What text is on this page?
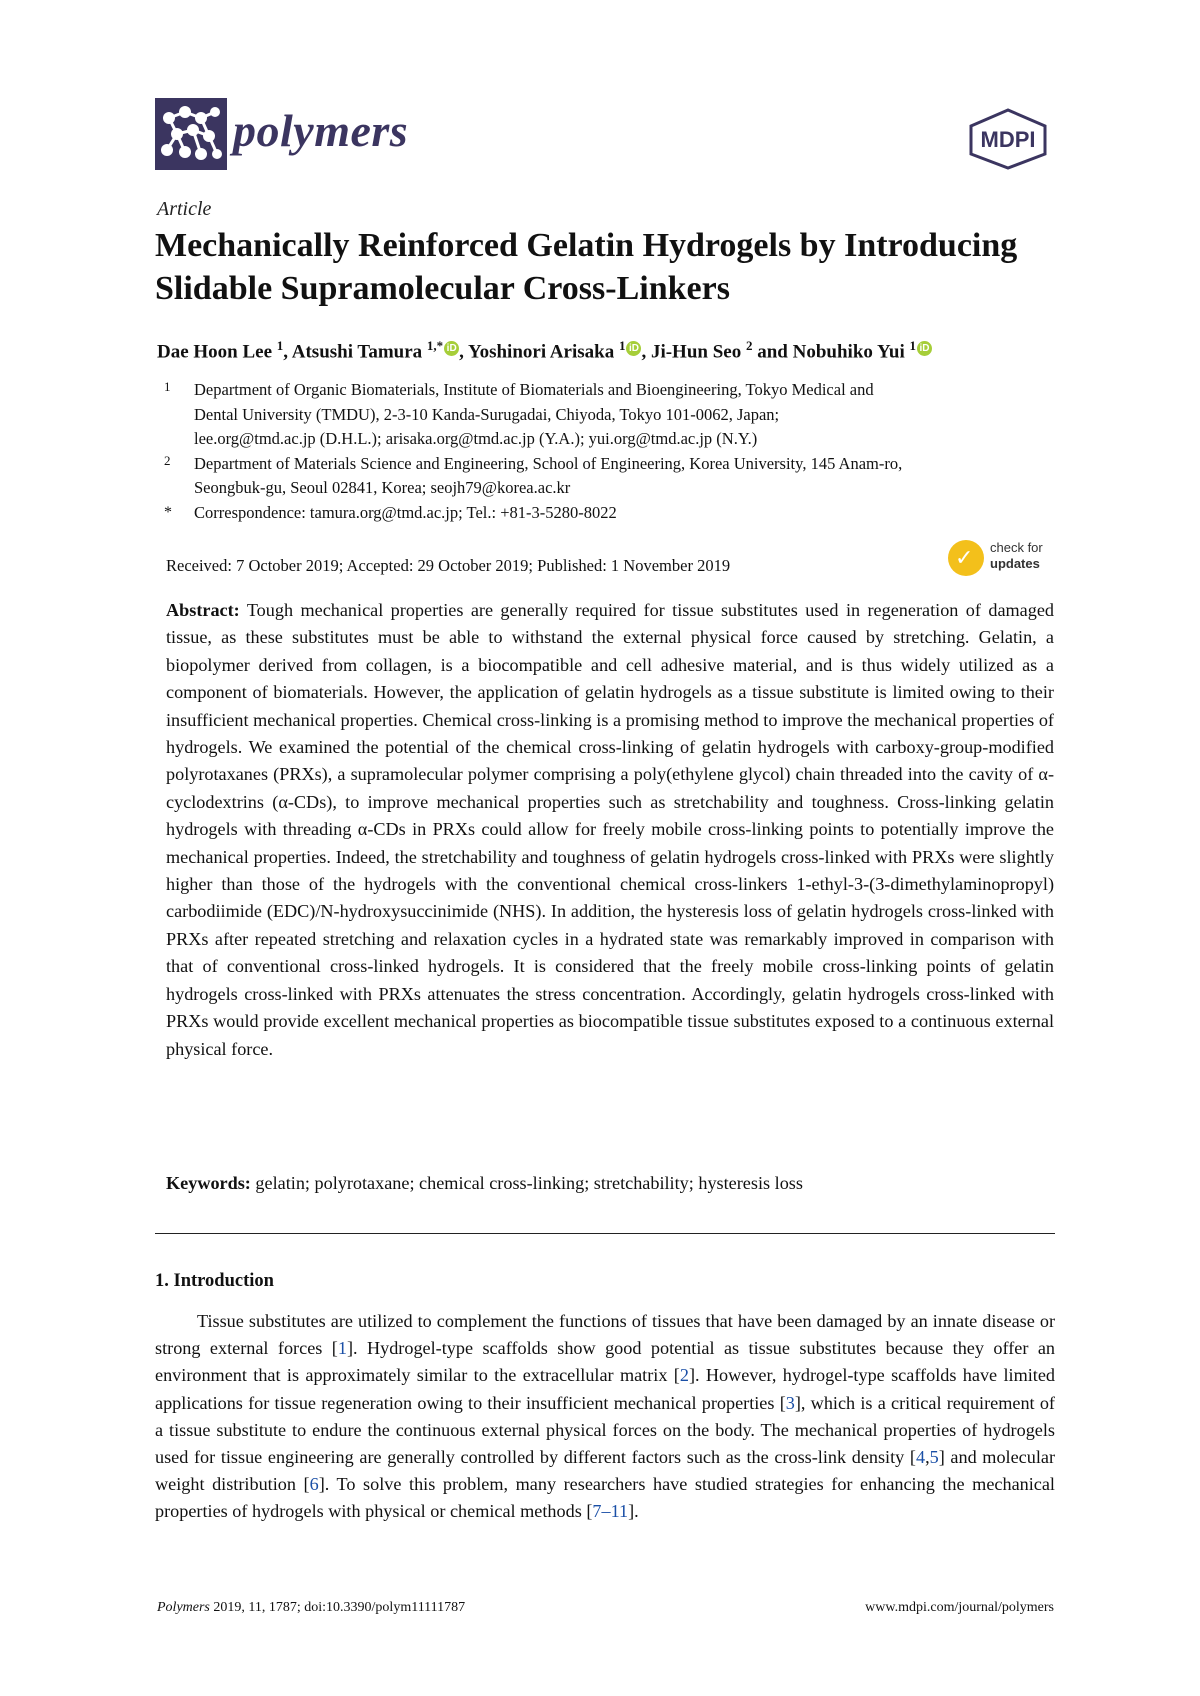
polymers	MDPI
Article
Mechanically Reinforced Gelatin Hydrogels by Introducing Slidable Supramolecular Cross-Linkers
Dae Hoon Lee $^1$, Atsushi Tamura $^{1,*}$ iD , Yoshinori Arisaka $^1$ iD , Ji-Hun Seo $^2$ and Nobuhiko Yui $^1$ iD
1 Department of Organic Biomaterials, Institute of Biomaterials and Bioengineering, Tokyo Medical and
Dental University (TMDU), 2-3-10 Kanda-Surugadai, Chiyoda, Tokyo 101-0062, Japan;
lee.org@tmd.ac.jp (D.H.L.); arisaka.org@tmd.ac.jp (Y.A.); yui.org@tmd.ac.jp (N.Y.)
2 Department of Materials Science and Engineering, School of Engineering, Korea University, 145 Anam-ro,
Seongbuk-gu, Seoul 02841, Korea; seojh79@korea.ac.kr
* Correspondence: tamura.org@tmd.ac.jp; Tel.: +81-3-5280-8022
Received: 7 October 2019; Accepted: 29 October 2019; Published: 1 November 2019	✓ check for
updates

Abstract: Tough mechanical properties are generally required for tissue substitutes used in regeneration of damaged tissue, as these substitutes must be able to withstand the external physical force caused by stretching. Gelatin, a biopolymer derived from collagen, is a biocompatible and cell adhesive material, and is thus widely utilized as a component of biomaterials. However, the application of gelatin hydrogels as a tissue substitute is limited owing to their insufficient mechanical properties. Chemical cross-linking is a promising method to improve the mechanical properties of hydrogels. We examined the potential of the chemical cross-linking of gelatin hydrogels with carboxy-group-modified polyrotaxanes (PRXs), a supramolecular polymer comprising a poly(ethylene glycol) chain threaded into the cavity of α-cyclodextrins (α-CDs), to improve mechanical properties such as stretchability and toughness. Cross-linking gelatin hydrogels with threading α-CDs in PRXs could allow for freely mobile cross-linking points to potentially improve the mechanical properties. Indeed, the stretchability and toughness of gelatin hydrogels cross-linked with PRXs were slightly higher than those of the hydrogels with the conventional chemical cross-linkers 1-ethyl-3-(3-dimethylaminopropyl) carbodiimide (EDC)/N-hydroxysuccinimide (NHS). In addition, the hysteresis loss of gelatin hydrogels cross-linked with PRXs after repeated stretching and relaxation cycles in a hydrated state was remarkably improved in comparison with that of conventional cross-linked hydrogels. It is considered that the freely mobile cross-linking points of gelatin hydrogels cross-linked with PRXs attenuates the stress concentration. Accordingly, gelatin hydrogels cross-linked with PRXs would provide excellent mechanical properties as biocompatible tissue substitutes exposed to a continuous external physical force.

Keywords: gelatin; polyrotaxane; chemical cross-linking; stretchability; hysteresis loss
1. Introduction

Tissue substitutes are utilized to complement the functions of tissues that have been damaged by an innate disease or strong external forces [1]. Hydrogel-type scaffolds show good potential as tissue substitutes because they offer an environment that is approximately similar to the extracellular matrix [2]. However, hydrogel-type scaffolds have limited applications for tissue regeneration owing to their insufficient mechanical properties [3], which is a critical requirement of a tissue substitute to endure the continuous external physical forces on the body. The mechanical properties of hydrogels used for tissue engineering are generally controlled by different factors such as the cross-link density [4,5] and molecular weight distribution [6]. To solve this problem, many researchers have studied strategies for enhancing the mechanical properties of hydrogels with physical or chemical methods [7–11].

Polymers 2019, 11, 1787; doi:10.3390/polym11111787	www.mdpi.com/journal/polymers
